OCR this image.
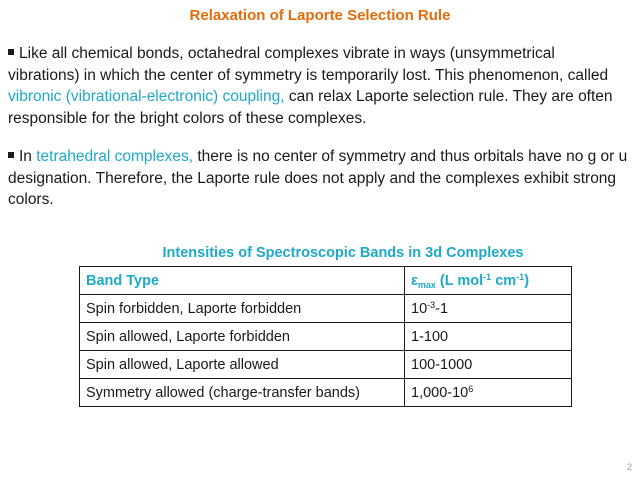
Relaxation of Laporte Selection Rule
Like all chemical bonds, octahedral complexes vibrate in ways (unsymmetrical vibrations) in which the center of symmetry is temporarily lost. This phenomenon, called vibronic (vibrational-electronic) coupling, can relax Laporte selection rule. They are often responsible for the bright colors of these complexes.
In tetrahedral complexes, there is no center of symmetry and thus orbitals have no g or u designation. Therefore, the Laporte rule does not apply and the complexes exhibit strong colors.
Intensities of Spectroscopic Bands in 3d Complexes
Band Type	$\varepsilon_{max}$ (L mol$^{-1}$ $cm^{-1}$)
Spin forbidden, Laporte forbidden	$10^{-3}-1$
Spin allowed, Laporte forbidden	1-100
Spin allowed, Laporte allowed	100-1000
Symmetry allowed (charge-transfer bands)	$1,000-10^6$
2
